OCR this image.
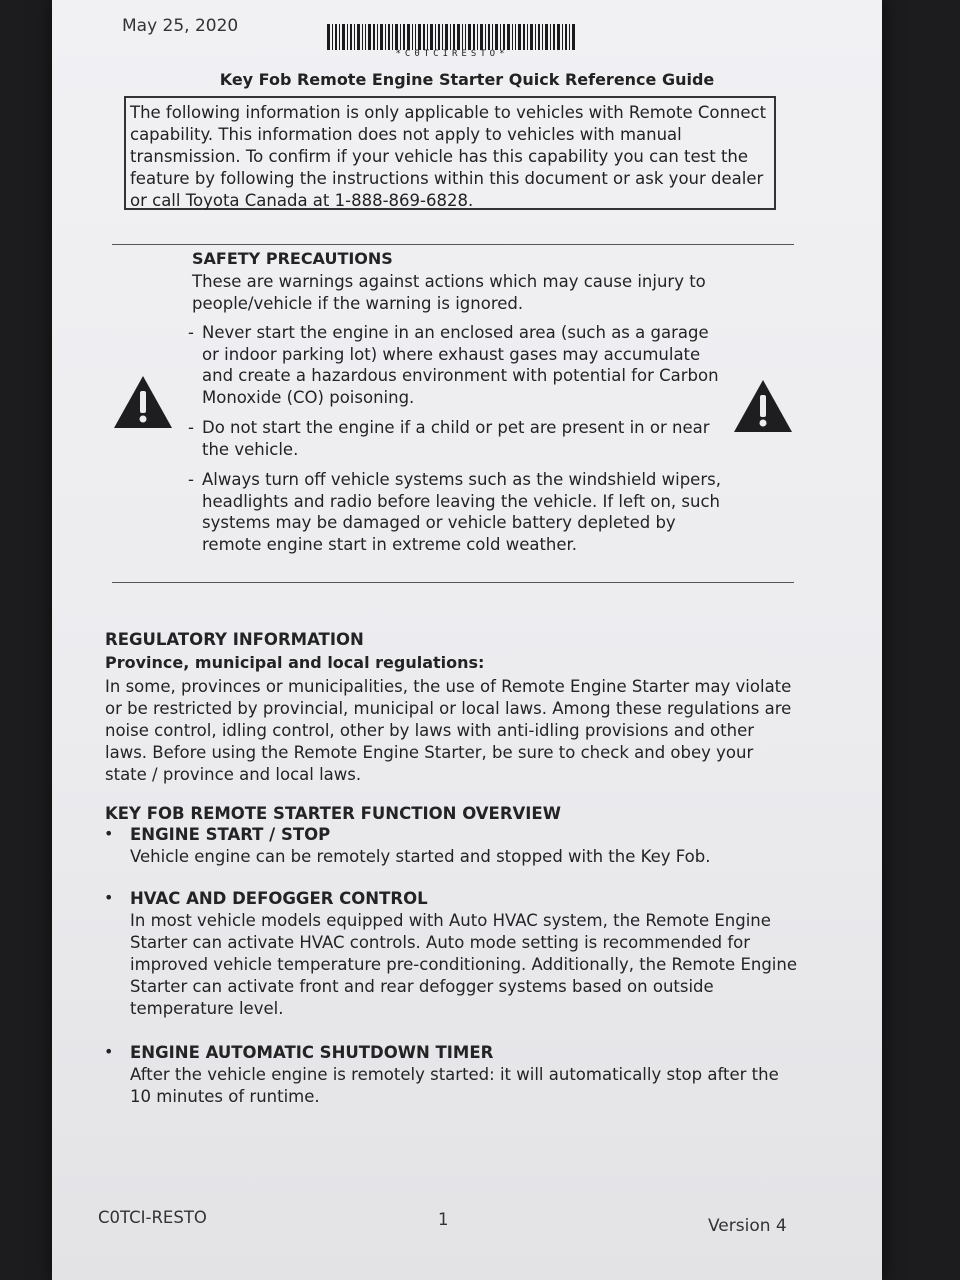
May 25, 2020
*C0TCIRESTO*
Key Fob Remote Engine Starter Quick Reference Guide

The following information is only applicable to vehicles with Remote Connect capability. This information does not apply to vehicles with manual transmission. To confirm if your vehicle has this capability you can test the feature by following the instructions within this document or ask your dealer or call Toyota Canada at 1-888-869-6828.

SAFETY PRECAUTIONS
These are warnings against actions which may cause injury to people/vehicle if the warning is ignored.
- Never start the engine in an enclosed area (such as a garage or indoor parking lot) where exhaust gases may accumulate and create a hazardous environment with potential for Carbon Monoxide (CO) poisoning.
- Do not start the engine if a child or pet are present in or near the vehicle.
- Always turn off vehicle systems such as the windshield wipers, headlights and radio before leaving the vehicle. If left on, such systems may be damaged or vehicle battery depleted by remote engine start in extreme cold weather.
REGULATORY INFORMATION
Province, municipal and local regulations:

In some, provinces or municipalities, the use of Remote Engine Starter may violate or be restricted by provincial, municipal or local laws. Among these regulations are noise control, idling control, other by laws with anti-idling provisions and other laws. Before using the Remote Engine Starter, be sure to check and obey your state / province and local laws.

KEY FOB REMOTE STARTER FUNCTION OVERVIEW
•	ENGINE START / STOP

Vehicle engine can be remotely started and stopped with the Key Fob.

•	HVAC AND DEFOGGER CONTROL

In most vehicle models equipped with Auto HVAC system, the Remote Engine Starter can activate HVAC controls. Auto mode setting is recommended for improved vehicle temperature pre-conditioning. Additionally, the Remote Engine Starter can activate front and rear defogger systems based on outside temperature level.

•	ENGINE AUTOMATIC SHUTDOWN TIMER

After the vehicle engine is remotely started: it will automatically stop after the 10 minutes of runtime.

C0TCI-RESTO	1	Version 4
